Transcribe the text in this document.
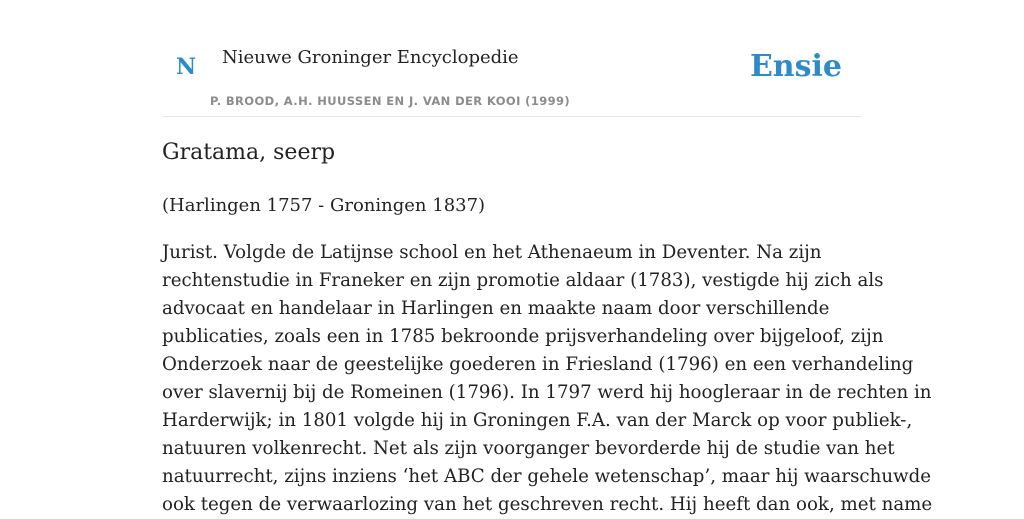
N Nieuwe Groninger Encyclopedie
P. BROOD, A.H. HUUSSEN EN J. VAN DER KOOI (1999)
Ensie
Gratama, seerp

(Harlingen 1757 - Groningen 1837)

Jurist. Volgde de Latijnse school en het Athenaeum in Deventer. Na zijn
rechtenstudie in Franeker en zijn promotie aldaar (1783), vestigde hij zich als
advocaat en handelaar in Harlingen en maakte naam door verschillende
publicaties, zoals een in 1785 bekroonde prijsverhandeling over bijgeloof, zijn
Onderzoek naar de geestelijke goederen in Friesland (1796) en een verhandeling
over slavernij bij de Romeinen (1796). In 1797 werd hij hoogleraar in de rechten in
Harderwijk; in 1801 volgde hij in Groningen F.A. van der Marck op voor publiek-,
natuuren volkenrecht. Net als zijn voorganger bevorderde hij de studie van het
natuurrecht, zijns inziens ‘het ABC der gehele wetenschap’, maar hij waarschuwde
ook tegen de verwaarlozing van het geschreven recht. Hij heeft dan ook, met name
